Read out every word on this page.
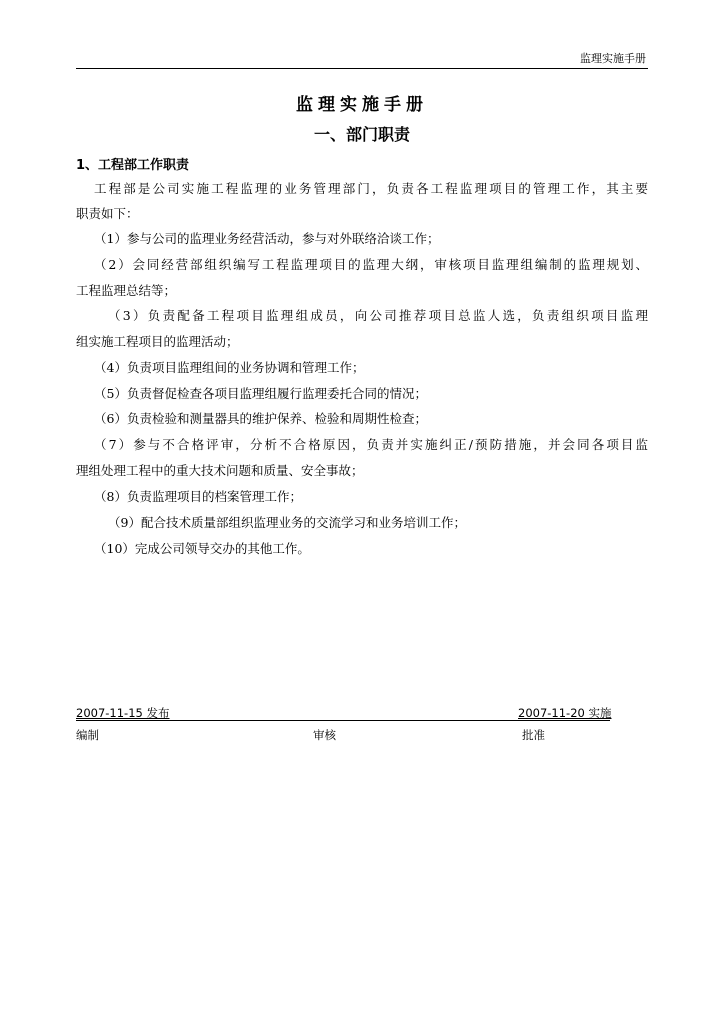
监理实施手册
监理实施手册
一、部门职责
1、工程部工作职责
工程部是公司实施工程监理的业务管理部门，负责各工程监理项目的管理工作，其主要
职责如下：
（1）参与公司的监理业务经营活动，参与对外联络洽谈工作；
（2）会同经营部组织编写工程监理项目的监理大纲，审核项目监理组编制的监理规划、
工程监理总结等；
（3）负责配备工程项目监理组成员，向公司推荐项目总监人选，负责组织项目监理
组实施工程项目的监理活动；
（4）负责项目监理组间的业务协调和管理工作；
（5）负责督促检查各项目监理组履行监理委托合同的情况；
（6）负责检验和测量器具的维护保养、检验和周期性检查；
（7）参与不合格评审，分析不合格原因，负责并实施纠正/预防措施，并会同各项目监
理组处理工程中的重大技术问题和质量、安全事故；
（8）负责监理项目的档案管理工作；
（9）配合技术质量部组织监理业务的交流学习和业务培训工作；
（10）完成公司领导交办的其他工作。
2007-11-15 发布	2007-11-20 实施
编制	审核	批准
